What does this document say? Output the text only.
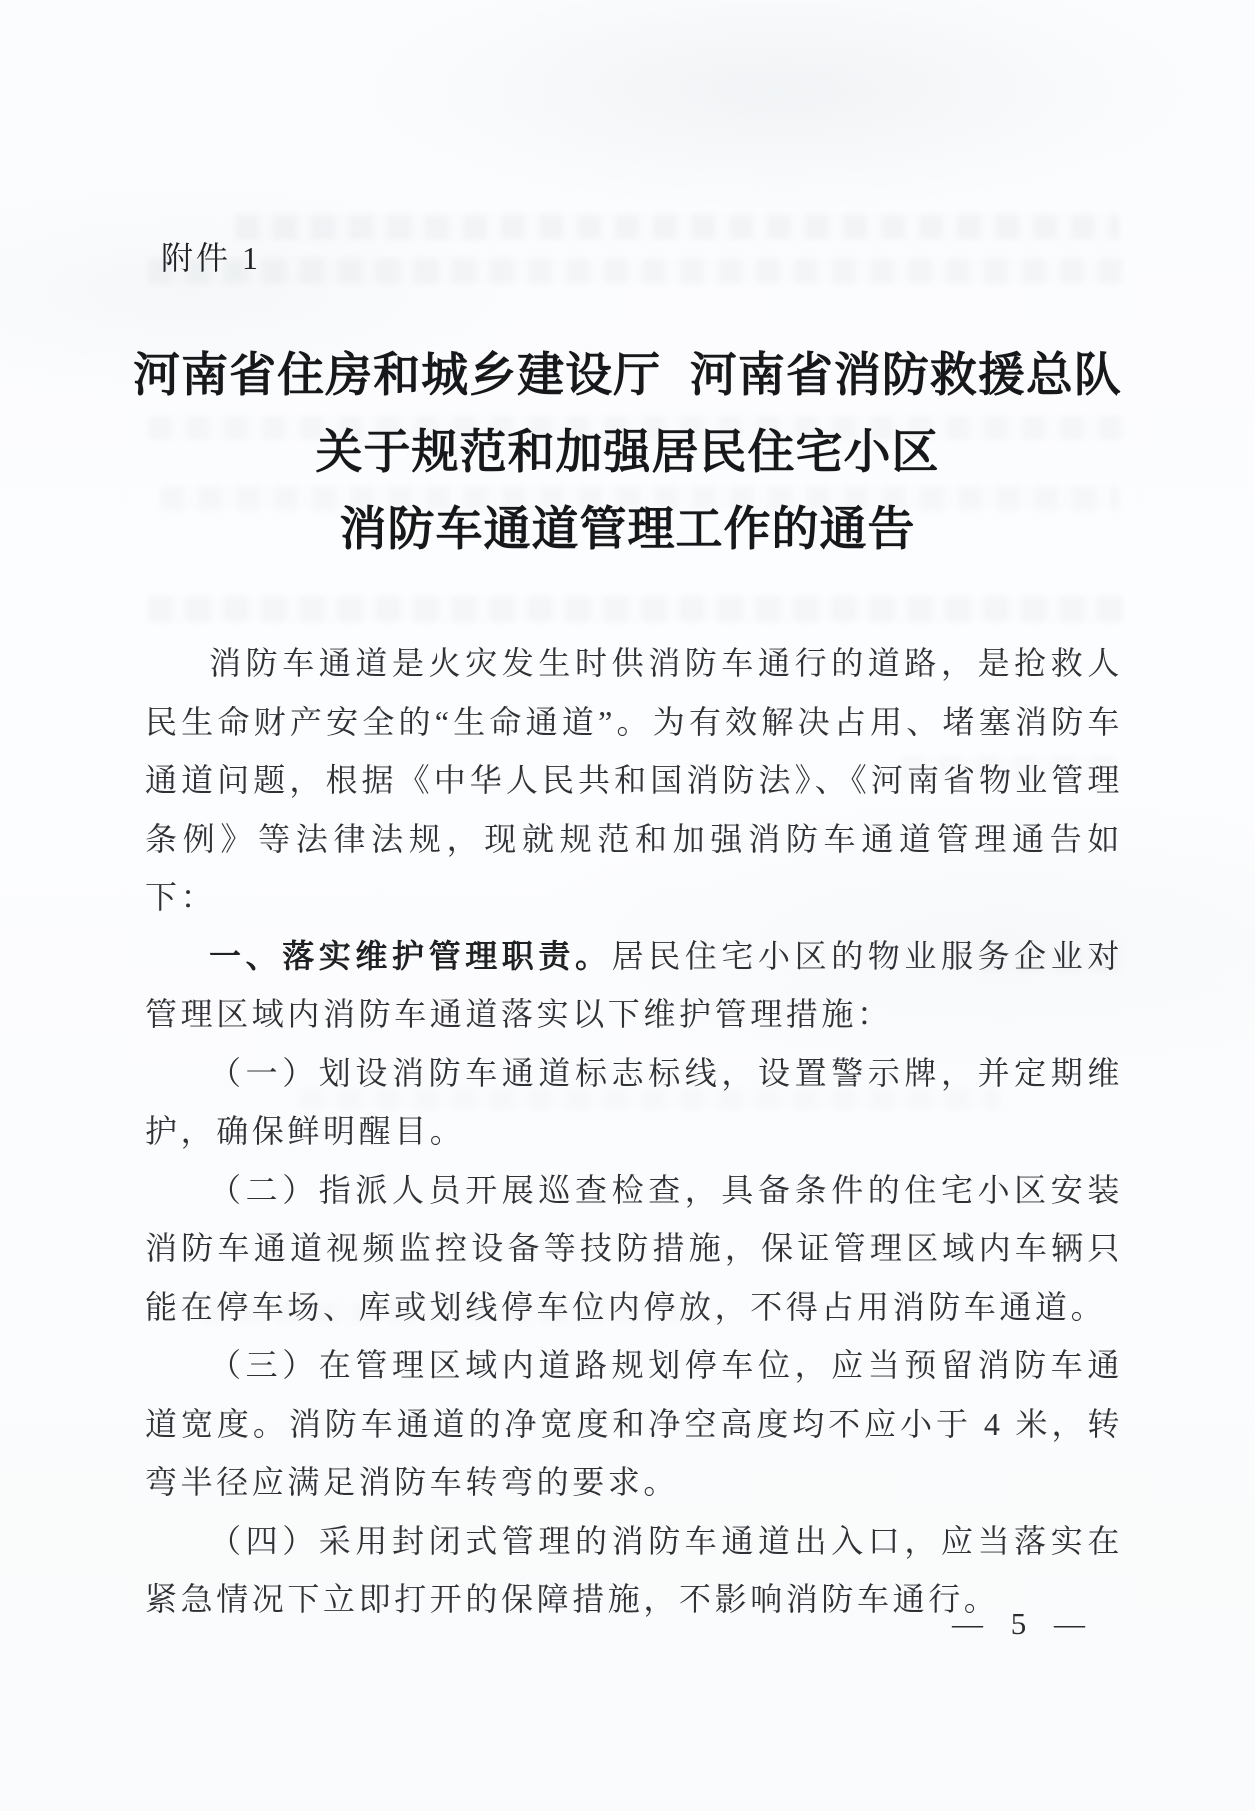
附件 1
河南省住房和城乡建设厅 河南省消防救援总队
关于规范和加强居民住宅小区
消防车通道管理工作的通告

消防车通道是火灾发生时供消防车通行的道路，是抢救人民生命财产安全的“生命通道”。为有效解决占用、堵塞消防车通道问题，根据《中华人民共和国消防法》、《河南省物业管理条例》等法律法规，现就规范和加强消防车通道管理通告如下：

一、落实维护管理职责。居民住宅小区的物业服务企业对管理区域内消防车通道落实以下维护管理措施：

（一）划设消防车通道标志标线，设置警示牌，并定期维护，确保鲜明醒目。

（二）指派人员开展巡查检查，具备条件的住宅小区安装消防车通道视频监控设备等技防措施，保证管理区域内车辆只能在停车场、库或划线停车位内停放，不得占用消防车通道。

（三）在管理区域内道路规划停车位，应当预留消防车通道宽度。消防车通道的净宽度和净空高度均不应小于 4 米，转弯半径应满足消防车转弯的要求。

（四）采用封闭式管理的消防车通道出入口，应当落实在紧急情况下立即打开的保障措施，不影响消防车通行。

— 5 —
